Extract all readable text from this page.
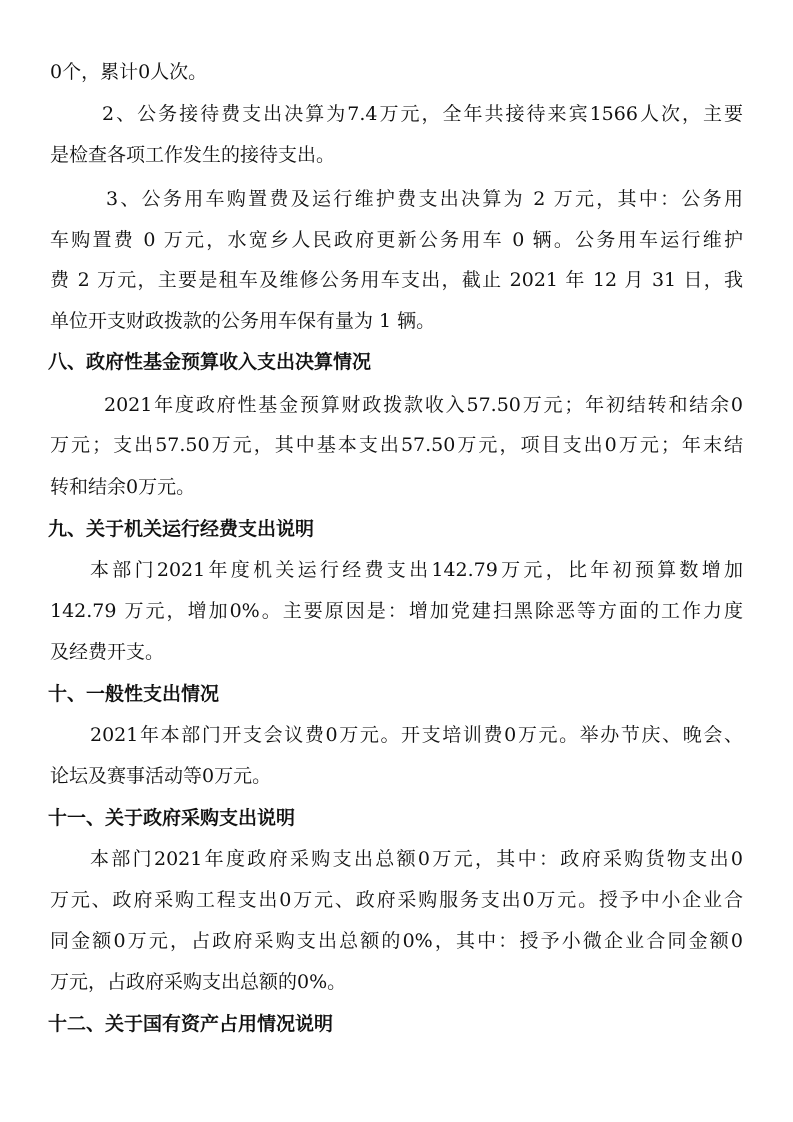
0个，累计0人次。
2、公务接待费支出决算为7.4万元，全年共接待来宾1566人次，主要
是检查各项工作发生的接待支出。
3、公务用车购置费及运行维护费支出决算为 2 万元，其中：公务用
车购置费 0 万元，水宽乡人民政府更新公务用车 0 辆。公务用车运行维护
费 2 万元，主要是租车及维修公务用车支出，截止 2021 年 12 月 31 日，我
单位开支财政拨款的公务用车保有量为 1 辆。
八、政府性基金预算收入支出决算情况
2021年度政府性基金预算财政拨款收入57.50万元；年初结转和结余0
万元；支出57.50万元，其中基本支出57.50万元，项目支出0万元；年末结
转和结余0万元。
九、关于机关运行经费支出说明
本部门2021年度机关运行经费支出142.79万元，比年初预算数增加
142.79 万元，增加0%。主要原因是：增加党建扫黑除恶等方面的工作力度
及经费开支。
十、一般性支出情况
2021年本部门开支会议费0万元。开支培训费0万元。举办节庆、晚会、
论坛及赛事活动等0万元。
十一、关于政府采购支出说明
本部门2021年度政府采购支出总额0万元，其中：政府采购货物支出0
万元、政府采购工程支出0万元、政府采购服务支出0万元。授予中小企业合
同金额0万元，占政府采购支出总额的0%，其中：授予小微企业合同金额0
万元，占政府采购支出总额的0%。
十二、关于国有资产占用情况说明
